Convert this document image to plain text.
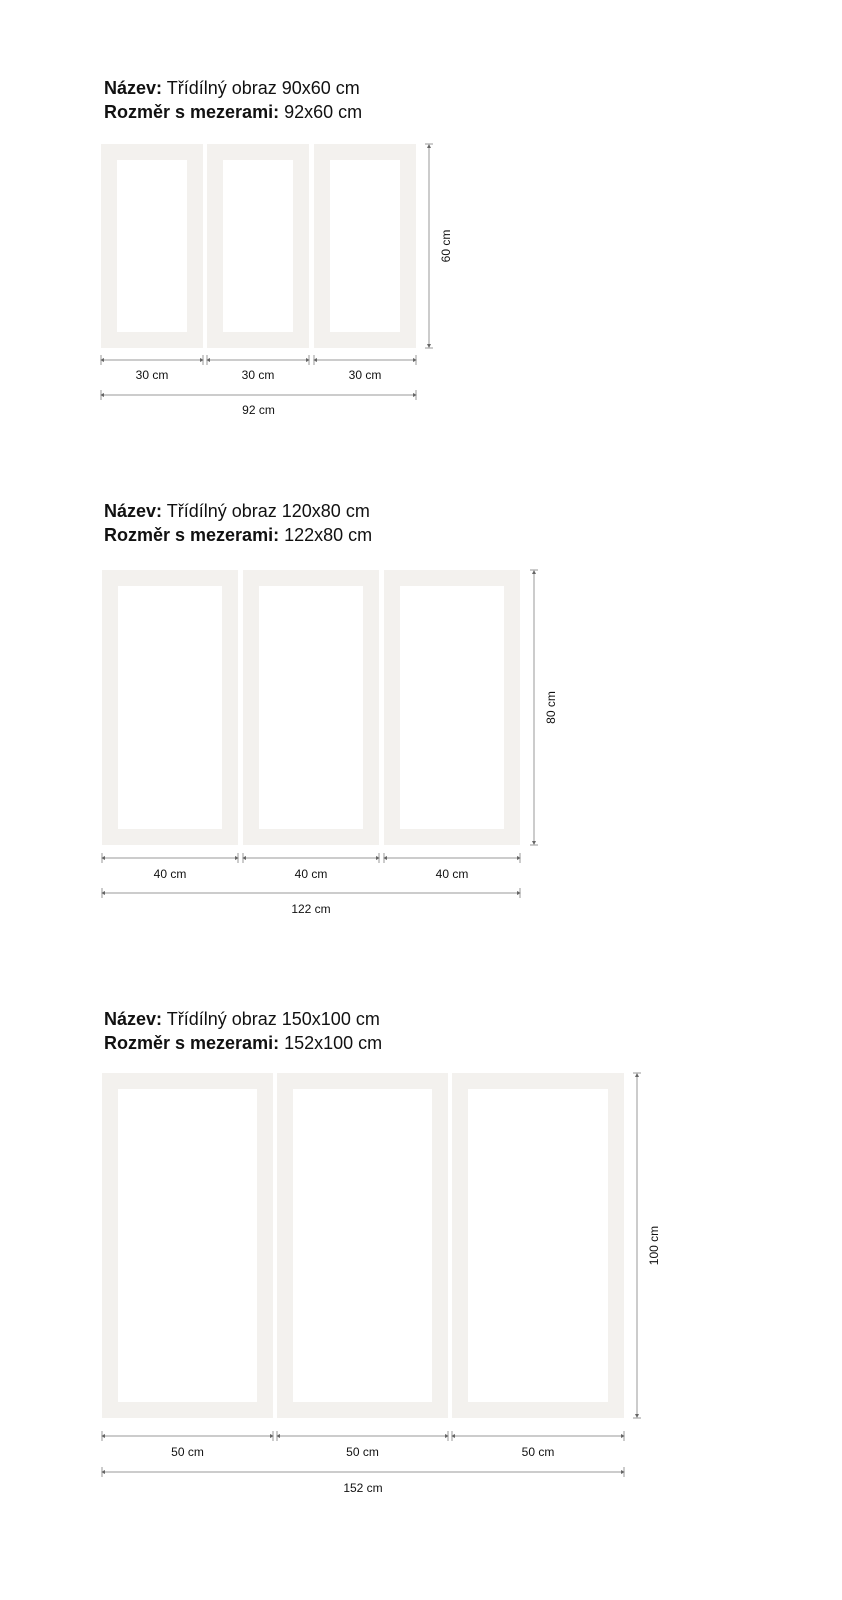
Název: Třídílný obraz 90x60 cm
Rozměr s mezerami: 92x60 cm
Název: Třídílný obraz 120x80 cm
Rozměr s mezerami: 122x80 cm
Název: Třídílný obraz 150x100 cm
Rozměr s mezerami: 152x100 cm
60 cm
30 cm	30 cm	30 cm
92 cm
80 cm
40 cm	40 cm	40 cm
122 cm
100 cm
50 cm	50 cm	50 cm
152 cm
